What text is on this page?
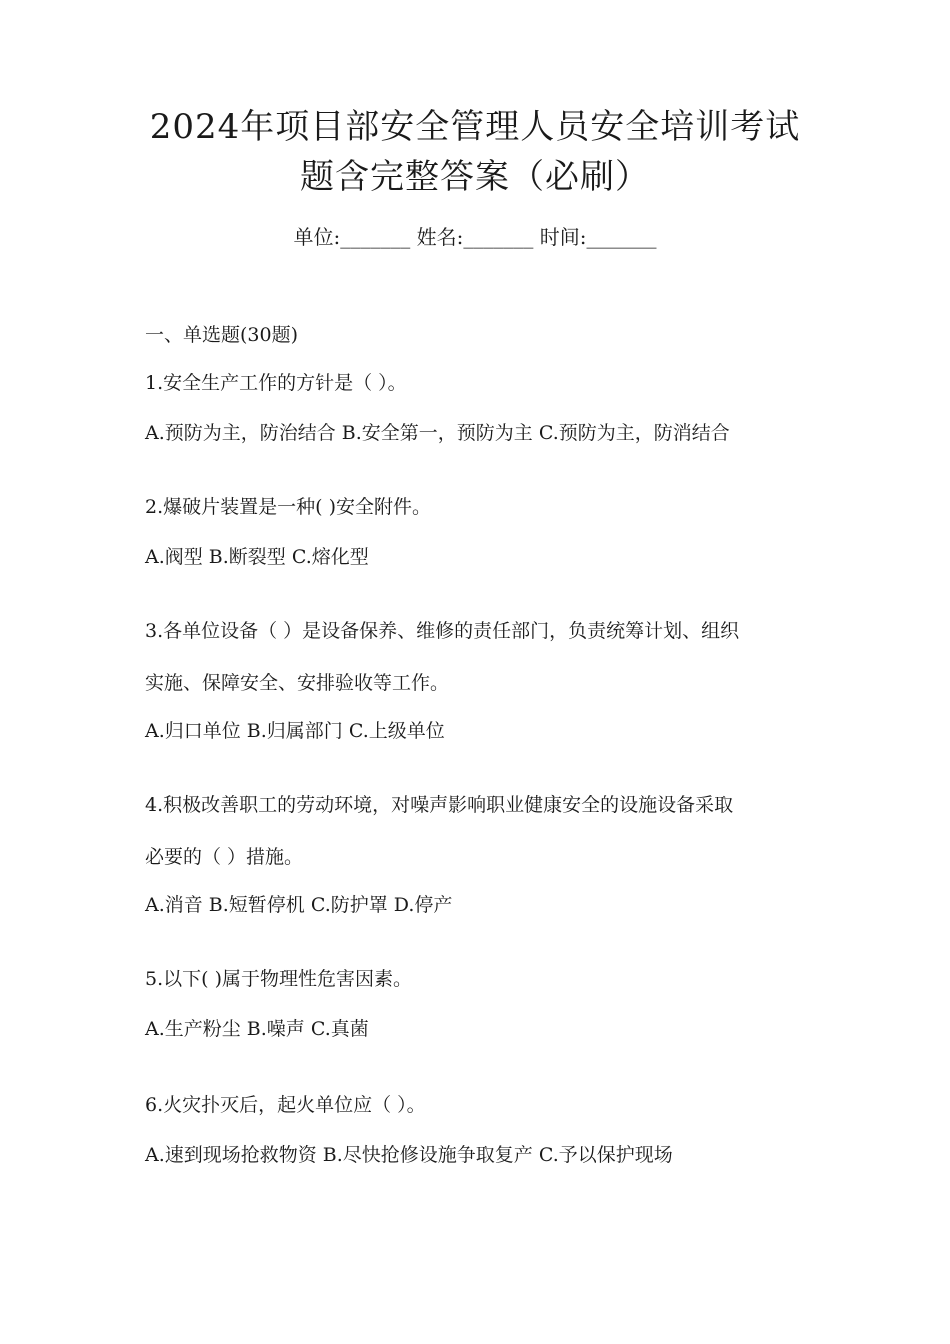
2024年项目部安全管理人员安全培训考试
题含完整答案（必刷）
单位:_______ 姓名:_______ 时间:_______
一、单选题(30题)
1.安全生产工作的方针是（ ）。
A.预防为主，防治结合 B.安全第一，预防为主 C.预防为主，防消结合
2.爆破片装置是一种( )安全附件。
A.阀型 B.断裂型 C.熔化型
3.各单位设备（ ）是设备保养、维修的责任部门，负责统筹计划、组织
实施、保障安全、安排验收等工作。
A.归口单位 B.归属部门 C.上级单位
4.积极改善职工的劳动环境，对噪声影响职业健康安全的设施设备采取
必要的（ ）措施。
A.消音 B.短暂停机 C.防护罩 D.停产
5.以下( )属于物理性危害因素。
A.生产粉尘 B.噪声 C.真菌
6.火灾扑灭后，起火单位应（ ）。
A.速到现场抢救物资 B.尽快抢修设施争取复产 C.予以保护现场
